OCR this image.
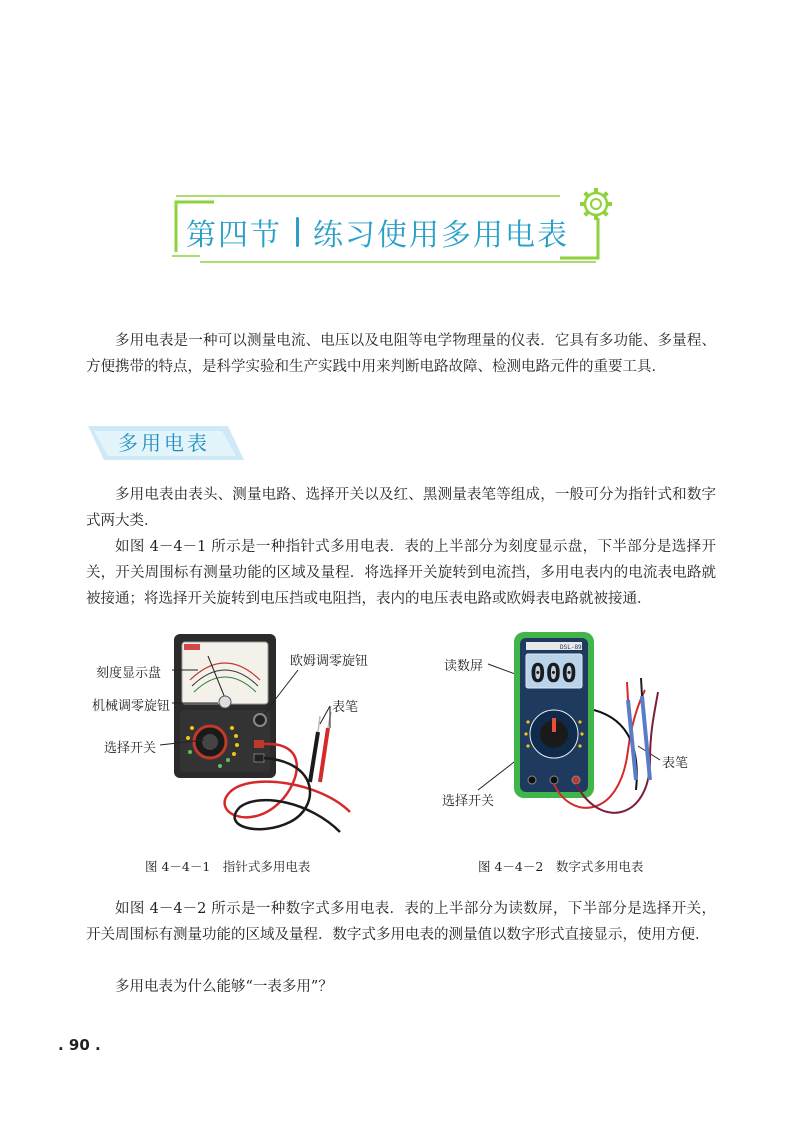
第四节 练习使用多用电表

多用电表是一种可以测量电流、电压以及电阻等电学物理量的仪表．它具有多功能、多量程、方便携带的特点，是科学实验和生产实践中用来判断电路故障、检测电路元件的重要工具．

多用电表

多用电表由表头、测量电路、选择开关以及红、黑测量表笔等组成，一般可分为指针式和数字式两大类．

如图 4－4－1 所示是一种指针式多用电表．表的上半部分为刻度显示盘，下半部分是选择开关，开关周围标有测量功能的区域及量程．将选择开关旋转到电流挡，多用电表内的电流表电路就被接通；将选择开关旋转到电压挡或电阻挡，表内的电压表电路或欧姆表电路就被接通．

刻度显示盘
欧姆调零旋钮
机械调零旋钮	表笔
选择开关
图 4－4－1　指针式多用电表
DSL-890C
000
读数屏
表笔
选择开关
图 4－4－2　数字式多用电表

如图 4－4－2 所示是一种数字式多用电表．表的上半部分为读数屏，下半部分是选择开关，开关周围标有测量功能的区域及量程．数字式多用电表的测量值以数字形式直接显示，使用方便．

多用电表为什么能够“一表多用”？

. 90 .
